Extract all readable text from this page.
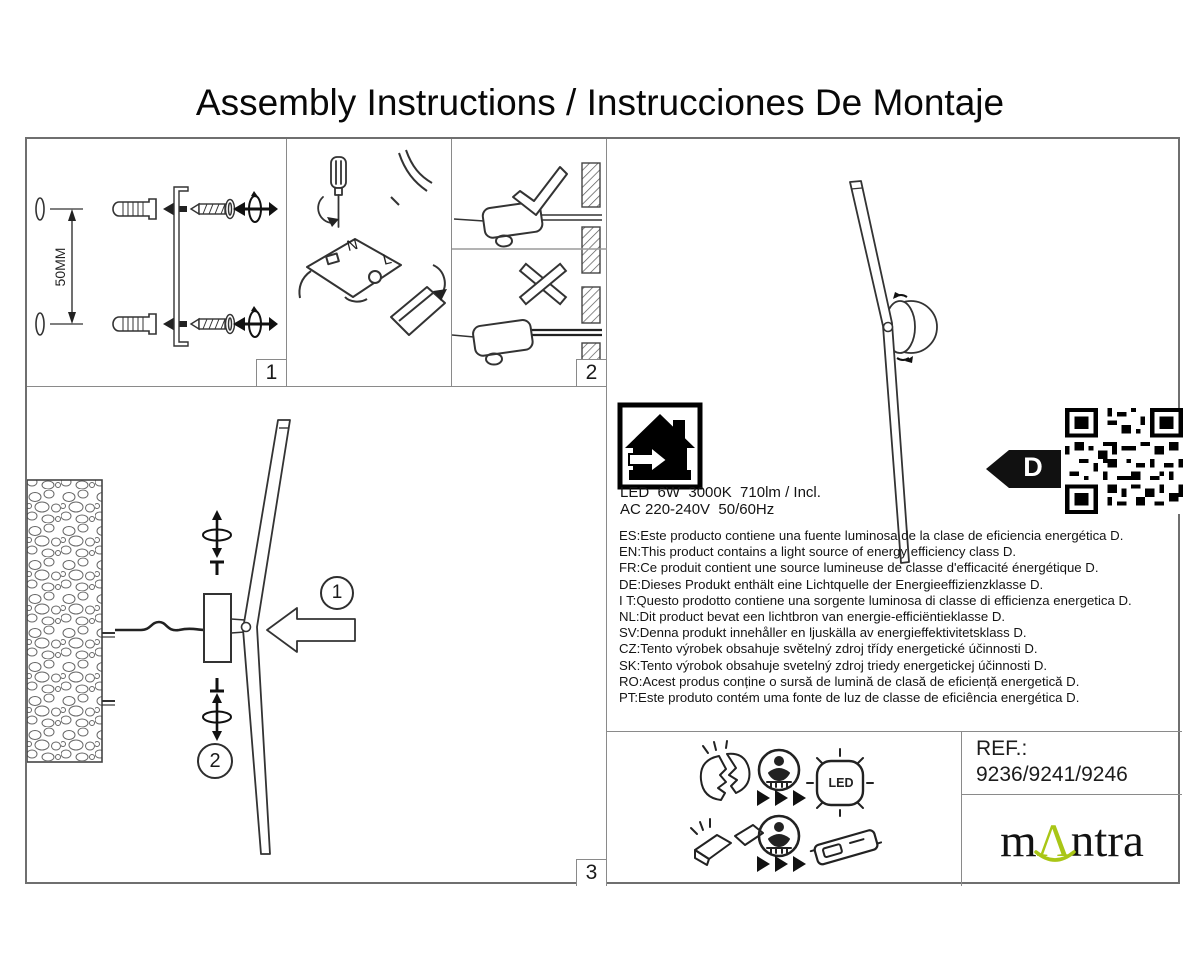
Assembly Instructions / Instrucciones De Montaje
50MM
1
N
L
2
1
2
3
D
LED  6W  3000K  710lm / Incl.
AC 220-240V  50/60Hz
ES:Este producto contiene una fuente luminosa de la clase de eficiencia energética D.
EN:This product contains a light source of energy efficiency class D.
FR:Ce produit contient une source lumineuse de classe d'efficacité énergétique D.
DE:Dieses Produkt enthält eine Lichtquelle der Energieeffizienzklasse D.
I T:Questo prodotto contiene una sorgente luminosa di classe di efficienza energetica D.
NL:Dit product bevat een lichtbron van energie-efficiëntieklasse D.
SV:Denna produkt innehåller en ljuskälla av energieffektivitetsklass D.
CZ:Tento výrobek obsahuje světelný zdroj třídy energetické účinnosti D.
SK:Tento výrobok obsahuje svetelný zdroj triedy energetickej účinnosti D.
RO:Acest produs conține o sursă de lumină de clasă de eficiență energetică D.
PT:Este produto contém uma fonte de luz de classe de eficiência energética D.
LED
REF.:
9236/9241/9246
m Λ ntra
